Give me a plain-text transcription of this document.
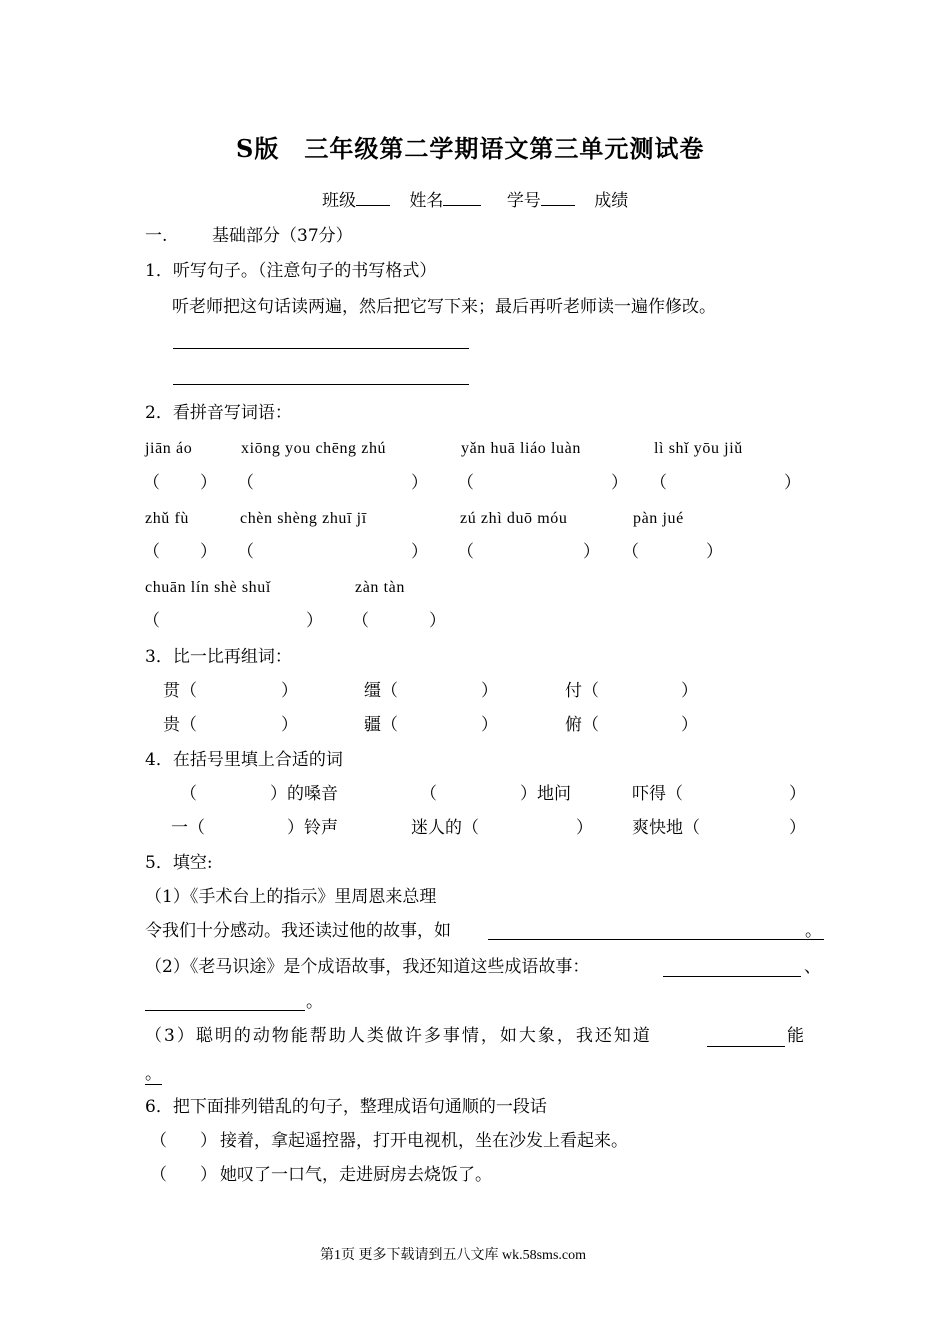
S版　三年级第二学期语文第三单元测试卷
班级	姓名	学号	成绩
一.	基础部分（37分）
1．听写句子。（注意句子的书写格式）
听老师把这句话读两遍，然后把它写下来；最后再听老师读一遍作修改。
2．看拼音写词语：
jiān áo	xiōng you chēng zhú	yǎn huā liáo luàn	lì shǐ yōu jiǔ
（ ） （	） （	） （	）
zhǔ fù	chèn shèng zhuī jī	zú zhì duō móu	pàn jué
（ ） （	） （	） （	）
chuān lín shè shuǐ	zàn tàn
（	） （	）
3．比一比再组词：
贯（	）	缰（	）	付（	）
贵（	）	疆（	）	俯（	）
4．在括号里填上合适的词
（	）的嗓音	（	）地问	吓得（	）
一（	）铃声	迷人的（	） 爽快地（	）
5．填空:
（1）《手术台上的指示》里周恩来总理
令我们十分感动。我还读过他的故事，如	。
（2）《老马识途》是个成语故事，我还知道这些成语故事：	、
。
（3）聪明的动物能帮助人类做许多事情，如大象，我还知道	能
。
6．把下面排列错乱的句子，整理成语句通顺的一段话
（ ） 接着，拿起遥控器，打开电视机，坐在沙发上看起来。
（ ） 她叹了一口气，走进厨房去烧饭了。
第1页 更多下载请到五八文库 wk.58sms.com
